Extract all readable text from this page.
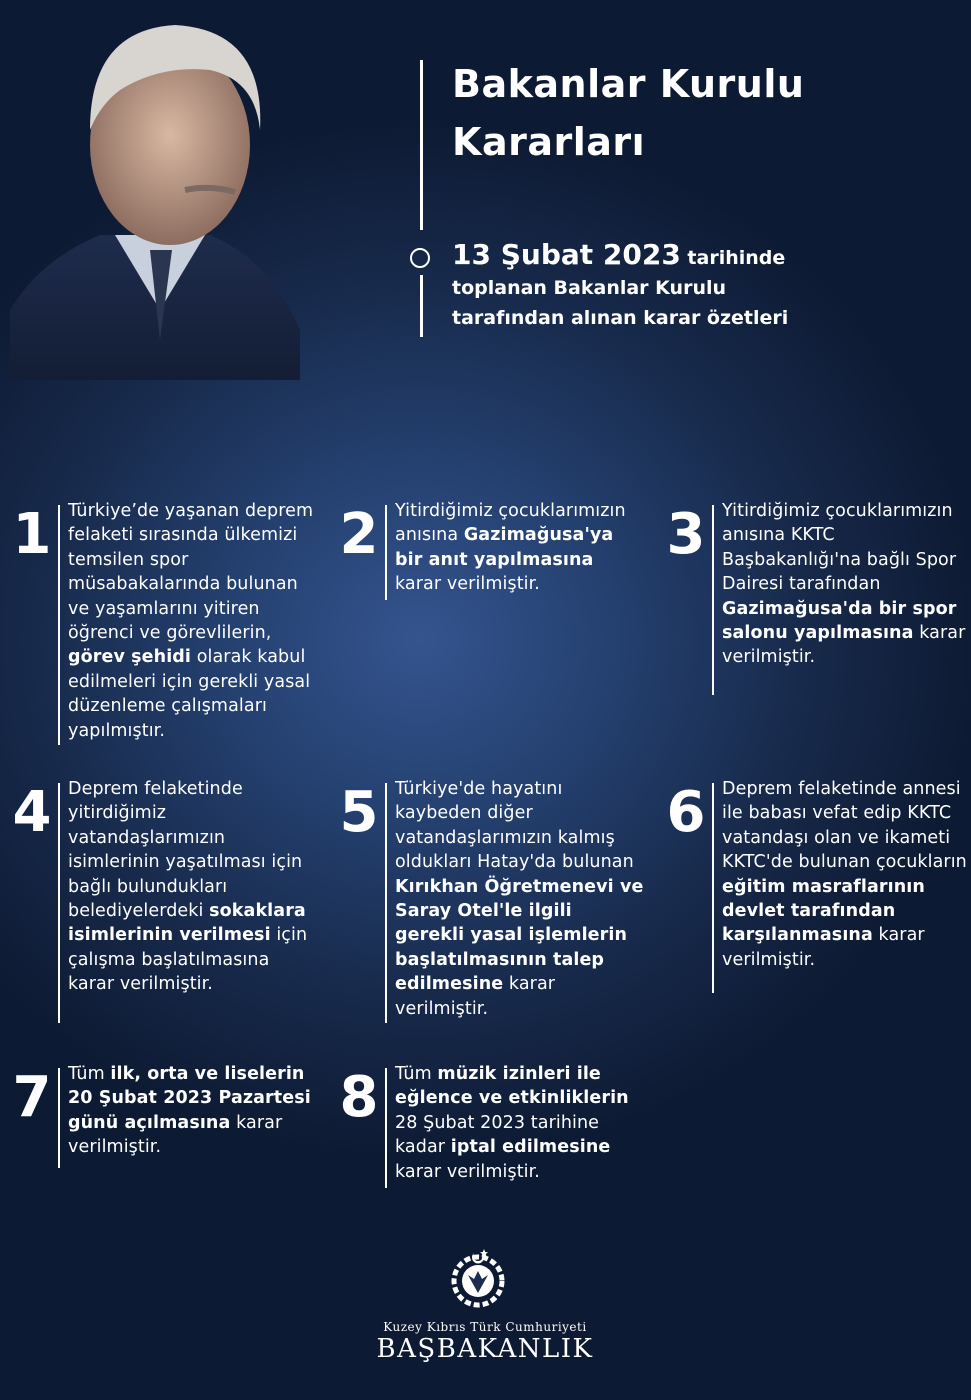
Bakanlar Kurulu
Kararları
13 Şubat 2023 tarihinde
toplanan Bakanlar Kurulu
tarafından alınan karar özetleri
1 Türkiye’de yaşanan deprem felaketi sırasında ülkemizi temsilen spor müsabakalarında bulunan ve yaşamlarını yitiren öğrenci ve görevlilerin, görev şehidi olarak kabul edilmeleri için gerekli yasal düzenleme çalışmaları yapılmıştır.
2 Yitirdiğimiz çocuklarımızın anısına Gazimağusa'ya bir anıt yapılmasına karar verilmiştir.
3 Yitirdiğimiz çocuklarımızın anısına KKTC Başbakanlığı'na bağlı Spor Dairesi tarafından Gazimağusa'da bir spor salonu yapılmasına karar verilmiştir.
4 Deprem felaketinde yitirdiğimiz vatandaşlarımızın isimlerinin yaşatılması için bağlı bulundukları belediyelerdeki sokaklara isimlerinin verilmesi için çalışma başlatılmasına karar verilmiştir.
5 Türkiye'de hayatını kaybeden diğer vatandaşlarımızın kalmış oldukları Hatay'da bulunan Kırıkhan Öğretmenevi ve Saray Otel'le ilgili gerekli yasal işlemlerin başlatılmasının talep edilmesine karar verilmiştir.
6 Deprem felaketinde annesi ile babası vefat edip KKTC vatandaşı olan ve ikameti KKTC'de bulunan çocukların eğitim masraflarının devlet tarafından karşılanmasına karar verilmiştir.
7 Tüm ilk, orta ve liselerin 20 Şubat 2023 Pazartesi günü açılmasına karar verilmiştir.
8 Tüm müzik izinleri ile eğlence ve etkinliklerin 28 Şubat 2023 tarihine kadar iptal edilmesine karar verilmiştir.
Kuzey Kıbrıs Türk Cumhuriyeti
BAŞBAKANLIK
